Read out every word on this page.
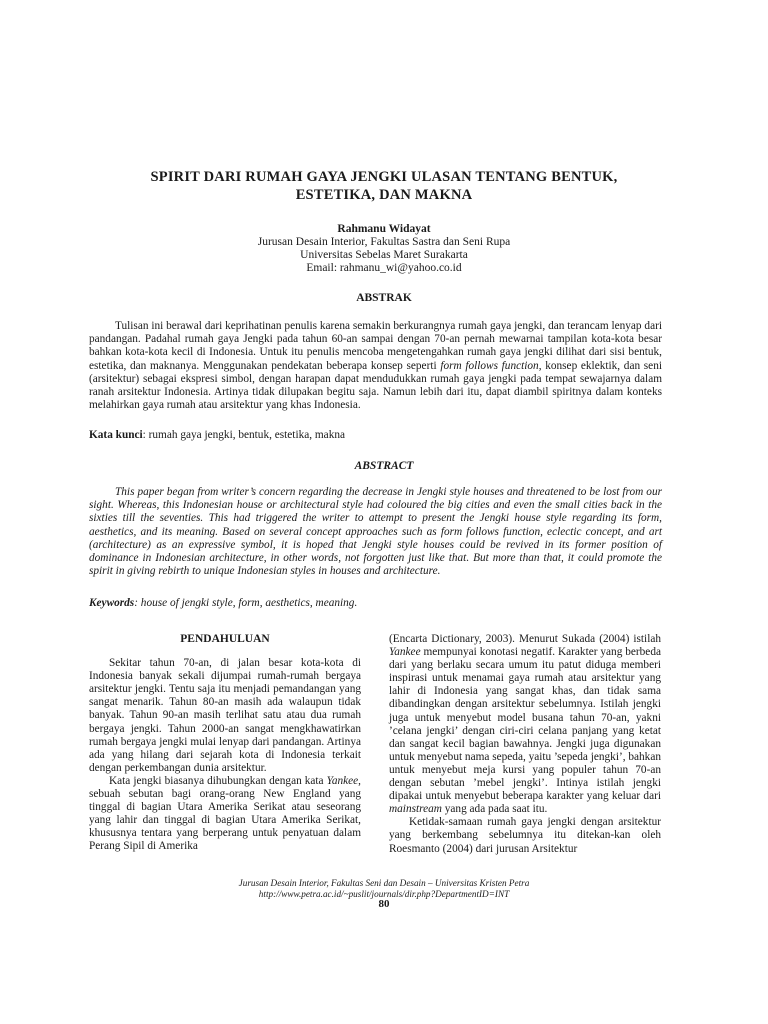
SPIRIT DARI RUMAH GAYA JENGKI ULASAN TENTANG BENTUK,
ESTETIKA, DAN MAKNA
Rahmanu Widayat
Jurusan Desain Interior, Fakultas Sastra dan Seni Rupa
Universitas Sebelas Maret Surakarta
Email: rahmanu_wi@yahoo.co.id
ABSTRAK

Tulisan ini berawal dari keprihatinan penulis karena semakin berkurangnya rumah gaya jengki, dan terancam lenyap dari pandangan. Padahal rumah gaya Jengki pada tahun 60-an sampai dengan 70-an pernah mewarnai tampilan kota-kota besar bahkan kota-kota kecil di Indonesia. Untuk itu penulis mencoba mengetengahkan rumah gaya jengki dilihat dari sisi bentuk, estetika, dan maknanya. Menggunakan pendekatan beberapa konsep seperti form follows function, konsep eklektik, dan seni (arsitektur) sebagai ekspresi simbol, dengan harapan dapat mendudukkan rumah gaya jengki pada tempat sewajarnya dalam ranah arsitektur Indonesia. Artinya tidak dilupakan begitu saja. Namun lebih dari itu, dapat diambil spiritnya dalam konteks melahirkan gaya rumah atau arsitektur yang khas Indonesia.

Kata kunci: rumah gaya jengki, bentuk, estetika, makna
ABSTRACT

This paper began from writer’s concern regarding the decrease in Jengki style houses and threatened to be lost from our sight. Whereas, this Indonesian house or architectural style had coloured the big cities and even the small cities back in the sixties till the seventies. This had triggered the writer to attempt to present the Jengki house style regarding its form, aesthetics, and its meaning. Based on several concept approaches such as form follows function, eclectic concept, and art (architecture) as an expressive symbol, it is hoped that Jengki style houses could be revived in its former position of dominance in Indonesian architecture, in other words, not forgotten just like that. But more than that, it could promote the spirit in giving rebirth to unique Indonesian styles in houses and architecture.

Keywords: house of jengki style, form, aesthetics, meaning.
PENDAHULUAN

Sekitar tahun 70-an, di jalan besar kota-kota di Indonesia banyak sekali dijumpai rumah-rumah bergaya arsitektur jengki. Tentu saja itu menjadi pemandangan yang sangat menarik. Tahun 80-an masih ada walaupun tidak banyak. Tahun 90-an masih terlihat satu atau dua rumah bergaya jengki. Tahun 2000-an sangat mengkhawatirkan rumah bergaya jengki mulai lenyap dari pandangan. Artinya ada yang hilang dari sejarah kota di Indonesia terkait dengan perkembangan dunia arsitektur.

Kata jengki biasanya dihubungkan dengan kata Yankee, sebuah sebutan bagi orang-orang New England yang tinggal di bagian Utara Amerika Serikat atau seseorang yang lahir dan tinggal di bagian Utara Amerika Serikat, khususnya tentara yang berperang untuk penyatuan dalam Perang Sipil di Amerika

(Encarta Dictionary, 2003). Menurut Sukada (2004) istilah Yankee mempunyai konotasi negatif. Karakter yang berbeda dari yang berlaku secara umum itu patut diduga memberi inspirasi untuk menamai gaya rumah atau arsitektur yang lahir di Indonesia yang sangat khas, dan tidak sama dibandingkan dengan arsitektur sebelumnya. Istilah jengki juga untuk menyebut model busana tahun 70-an, yakni ’celana jengki’ dengan ciri-ciri celana panjang yang ketat dan sangat kecil bagian bawahnya. Jengki juga digunakan untuk menyebut nama sepeda, yaitu ’sepeda jengki’, bahkan untuk menyebut meja kursi yang populer tahun 70-an dengan sebutan ’mebel jengki’. Intinya istilah jengki dipakai untuk menyebut beberapa karakter yang keluar dari mainstream yang ada pada saat itu.

Ketidak-samaan rumah gaya jengki dengan arsitektur yang berkembang sebelumnya itu ditekan-kan oleh Roesmanto (2004) dari jurusan Arsitektur

Jurusan Desain Interior, Fakultas Seni dan Desain – Universitas Kristen Petra
http://www.petra.ac.id/~puslit/journals/dir.php?DepartmentID=INT
80
